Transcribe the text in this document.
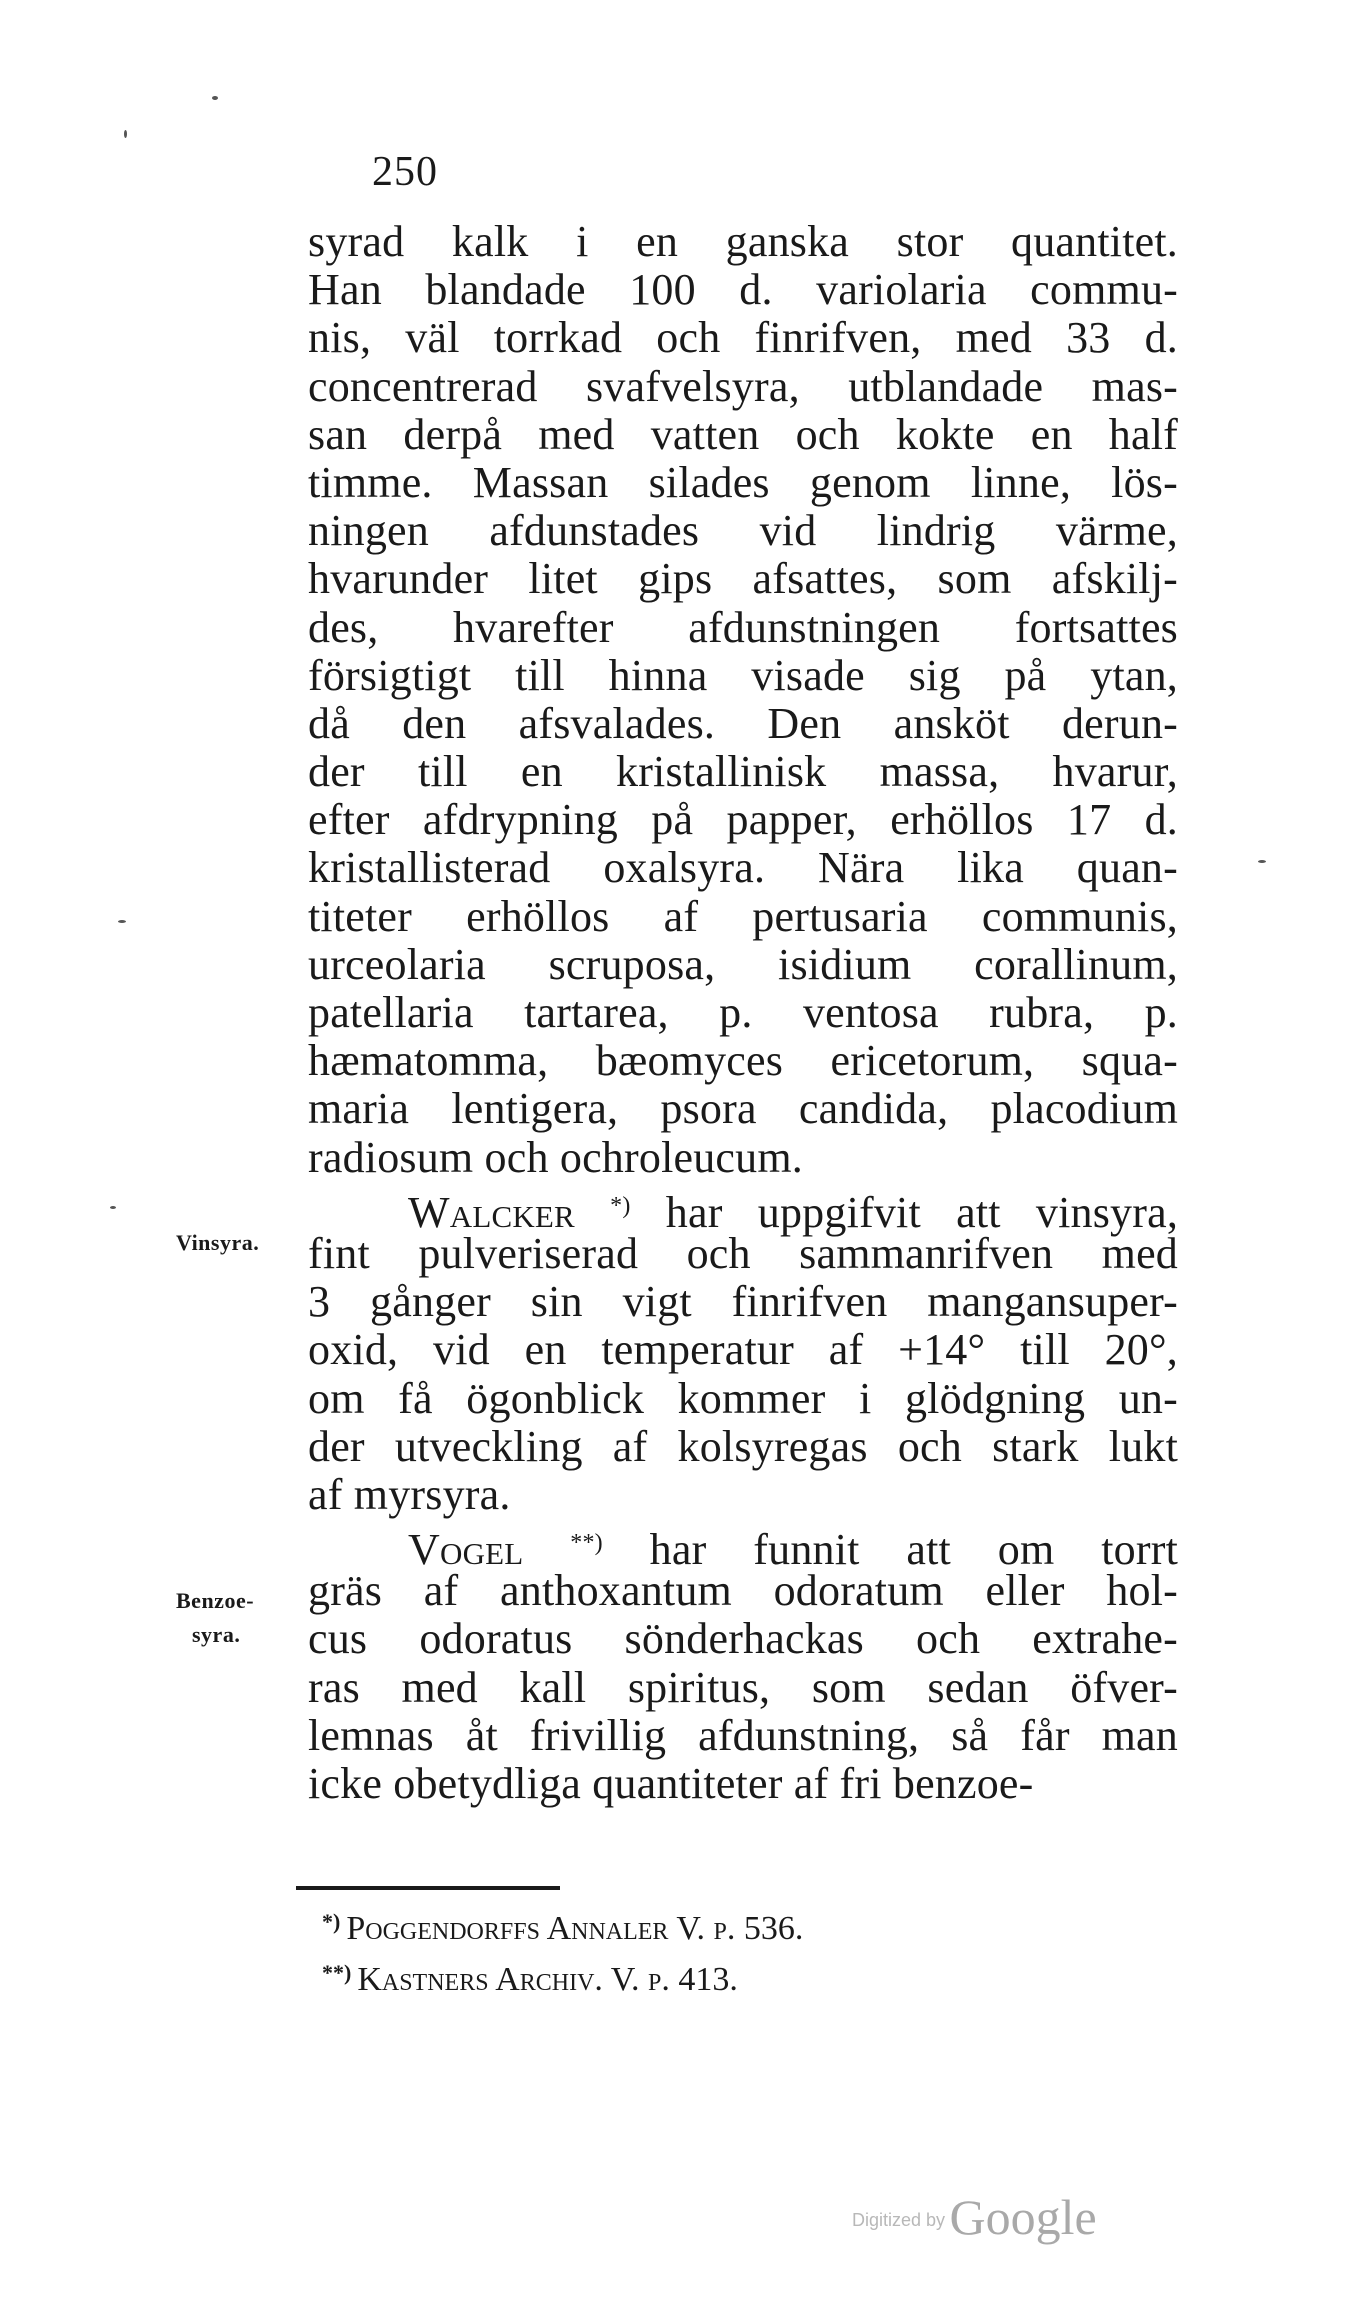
250
syrad kalk i en ganska stor quantitet.
Han blandade 100 d. variolaria commu-
nis, väl torrkad och finrifven, med 33 d.
concentrerad svafvelsyra, utblandade mas-
san derpå med vatten och kokte en half
timme. Massan silades genom linne, lös-
ningen afdunstades vid lindrig värme,
hvarunder litet gips afsattes, som afskilj-
des, hvarefter afdunstningen fortsattes
försigtigt till hinna visade sig på ytan,
då den afsvalades. Den ansköt derun-
der till en kristallinisk massa, hvarur,
efter afdrypning på papper, erhöllos 17 d.
kristallisterad oxalsyra. Nära lika quan-
titeter erhöllos af pertusaria communis,
urceolaria scruposa, isidium corallinum,
patellaria tartarea, p. ventosa rubra, p.
hæmatomma, bæomyces ericetorum, squa-
maria lentigera, psora candida, placodium
radiosum och ochroleucum.
Walcker *) har uppgifvit att vinsyra,
fint pulveriserad och sammanrifven med
3 gånger sin vigt finrifven mangansuper-
oxid, vid en temperatur af +14° till 20°,
om få ögonblick kommer i glödgning un-
der utveckling af kolsyregas och stark lukt
af myrsyra.
Vogel **) har funnit att om torrt
gräs af anthoxantum odoratum eller hol-
cus odoratus sönderhackas och extrahe-
ras med kall spiritus, som sedan öfver-
lemnas åt frivillig afdunstning, så får man
icke obetydliga quantiteter af fri benzoe-
Vinsyra.
Benzoe-
syra.
*) Poggendorffs Annaler V. p. 536.
**) Kastners Archiv. V. p. 413.
Digitized by Google
